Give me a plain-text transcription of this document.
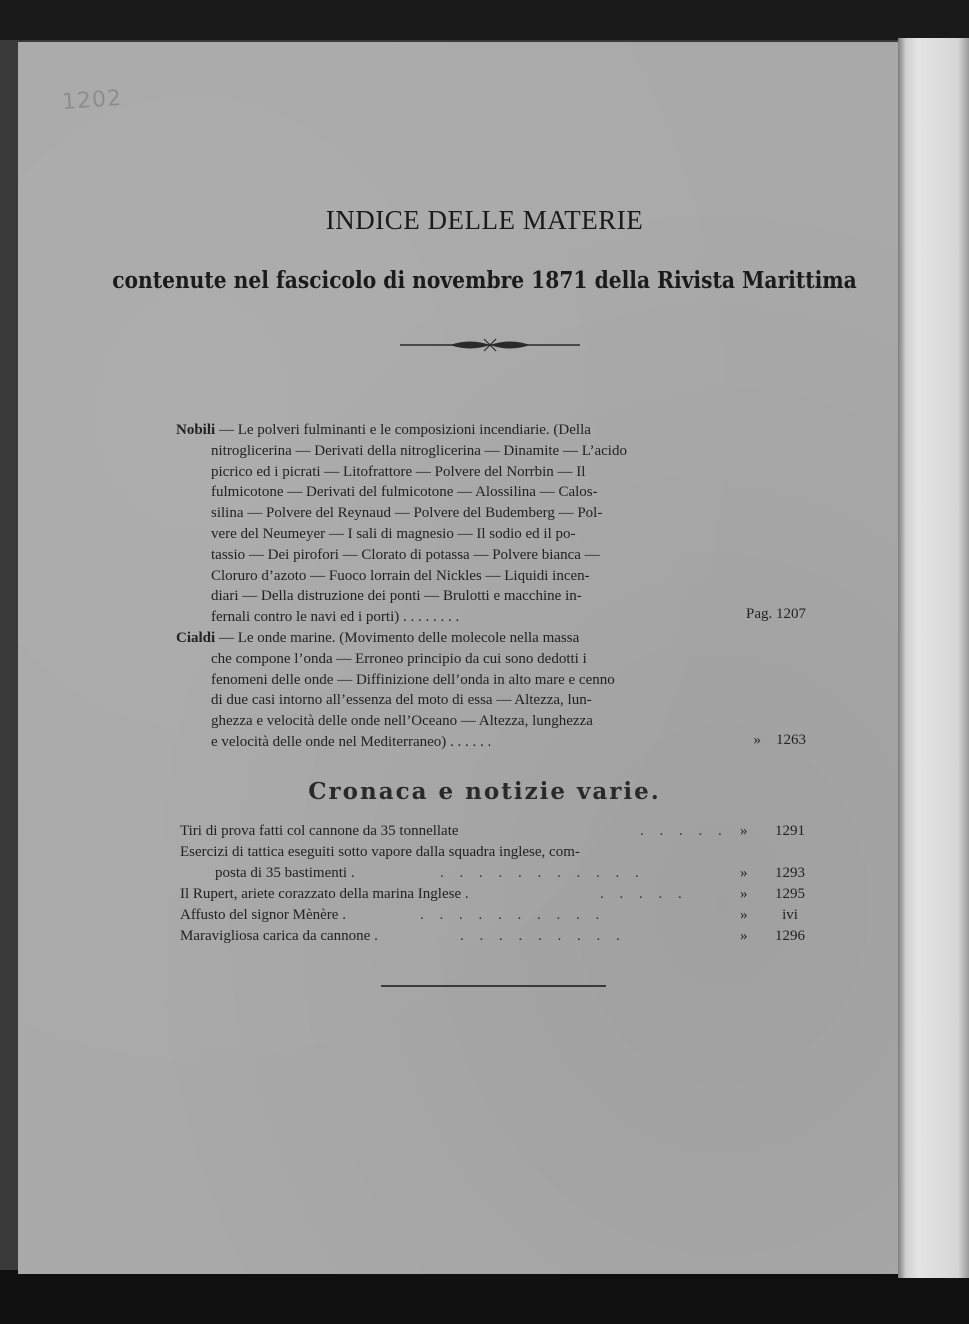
1202
INDICE DELLE MATERIE
contenute nel fascicolo di novembre 1871 della Rivista Marittima
Nobili — Le polveri fulminanti e le composizioni incendiarie. (Della
nitroglicerina — Derivati della nitroglicerina — Dinamite — L’acido
picrico ed i picrati — Litofrattore — Polvere del Norrbin — Il
fulmicotone — Derivati del fulmicotone — Alossilina — Calos-
silina — Polvere del Reynaud — Polvere del Budemberg — Pol-
vere del Neumeyer — I sali di magnesio — Il sodio ed il po-
tassio — Dei pirofori — Clorato di potassa — Polvere bianca —
Cloruro d’azoto — Fuoco lorrain del Nickles — Liquidi incen-
diari — Della distruzione dei ponti — Brulotti e macchine in-
fernali contro le navi ed i porti) . . . . . . . .	Pag. 1207
Cialdi — Le onde marine. (Movimento delle molecole nella massa
che compone l’onda — Erroneo principio da cui sono dedotti i
fenomeni delle onde — Diffinizione dell’onda in alto mare e cenno
di due casi intorno all’essenza del moto di essa — Altezza, lun-
ghezza e velocità delle onde nell’Oceano — Altezza, lunghezza
e velocità delle onde nel Mediterraneo) . . . . . .	» 1263
Cronaca e notizie varie.
Tiri di prova fatti col cannone da 35 tonnellate	. . . . . » 1291
Esercizi di tattica eseguiti sotto vapore dalla squadra inglese, com-
posta di 35 bastimenti .	. . . . . . . . . . .	» 1293
Il Rupert, ariete corazzato della marina Inglese .	. . . . .	» 1295
Affusto del signor Mènère .	. . . . . . . . . .	»	ivi
Maravigliosa carica da cannone .	. . . . . . . . .	» 1296
